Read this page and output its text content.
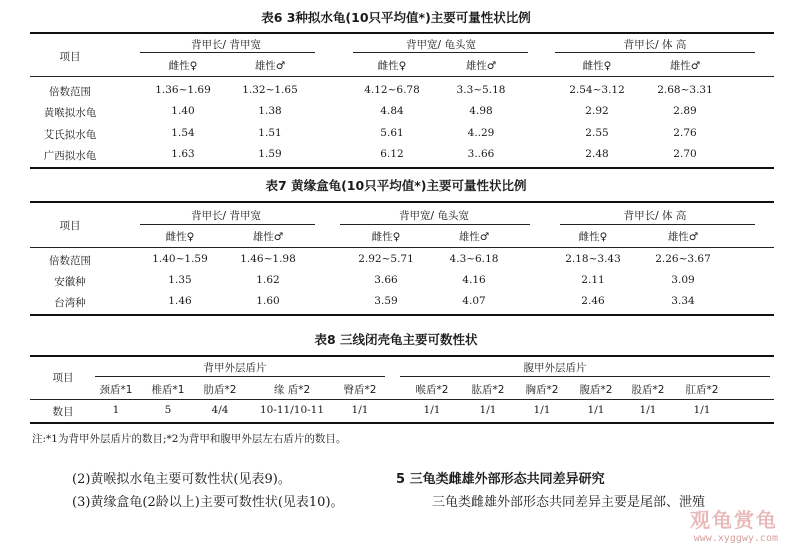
表6 3种拟水龟(10只平均值*)主要可量性状比例
项目
背甲长/ 背甲宽	背甲宽/ 龟头宽	背甲长/ 体 高
雌性♀	雄性♂	雌性♀	雄性♂	雌性♀	雄性♂
倍数范围	1.36~1.69	1.32~1.65	4.12~6.78	3.3~5.18	2.54~3.12	2.68~3.31
黄喉拟水龟	1.40	1.38	4.84	4.98	2.92	2.89
艾氏拟水龟	1.54	1.51	5.61	4..29	2.55	2.76
广西拟水龟	1.63	1.59	6.12	3..66	2.48	2.70
表7 黄缘盒龟(10只平均值*)主要可量性状比例
项目
背甲长/ 背甲宽	背甲宽/ 龟头宽	背甲长/ 体 高
雌性♀	雄性♂	雌性♀	雄性♂	雌性♀	雄性♂
倍数范围	1.40~1.59	1.46~1.98	2.92~5.71	4.3~6.18	2.18~3.43	2.26~3.67
安徽种	1.35	1.62	3.66	4.16	2.11	3.09
台湾种	1.46	1.60	3.59	4.07	2.46	3.34
表8 三线闭壳龟主要可数性状
项目
背甲外层盾片	腹甲外层盾片
颈盾*1 椎盾*1 肋盾*2	缘 盾*2	臀盾*2	喉盾*2 肱盾*2 胸盾*2 腹盾*2 股盾*2 肛盾*2
数目	1	5	4/4	10-11/10-11	1/1	1/1	1/1	1/1	1/1	1/1	1/1
注:*1为背甲外层盾片的数目;*2为背甲和腹甲外层左右盾片的数目。
(2)黄喉拟水龟主要可数性状(见表9)。
(3)黄缘盒龟(2龄以上)主要可数性状(见表10)。
5 三龟类雌雄外部形态共同差异研究
三龟类雌雄外部形态共同差异主要是尾部、泄殖
观龟赏龟
www.xyggwy.com
